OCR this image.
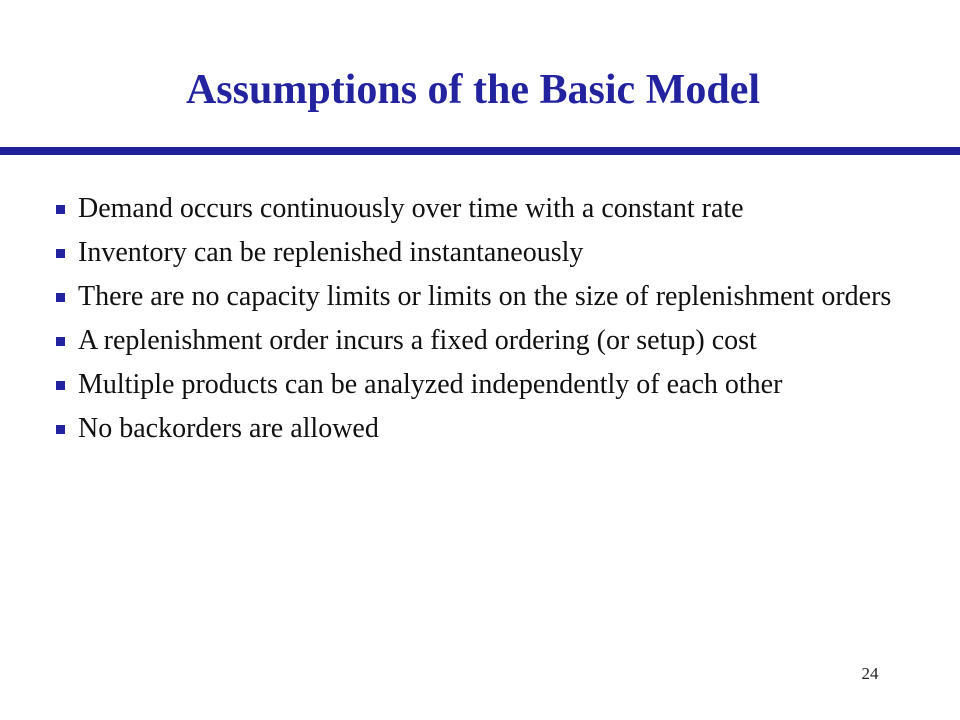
Assumptions of the Basic Model
Demand occurs continuously over time with a constant rate
Inventory can be replenished instantaneously
There are no capacity limits or limits on the size of replenishment orders
A replenishment order incurs a fixed ordering (or setup) cost
Multiple products can be analyzed independently of each other
No backorders are allowed
24
